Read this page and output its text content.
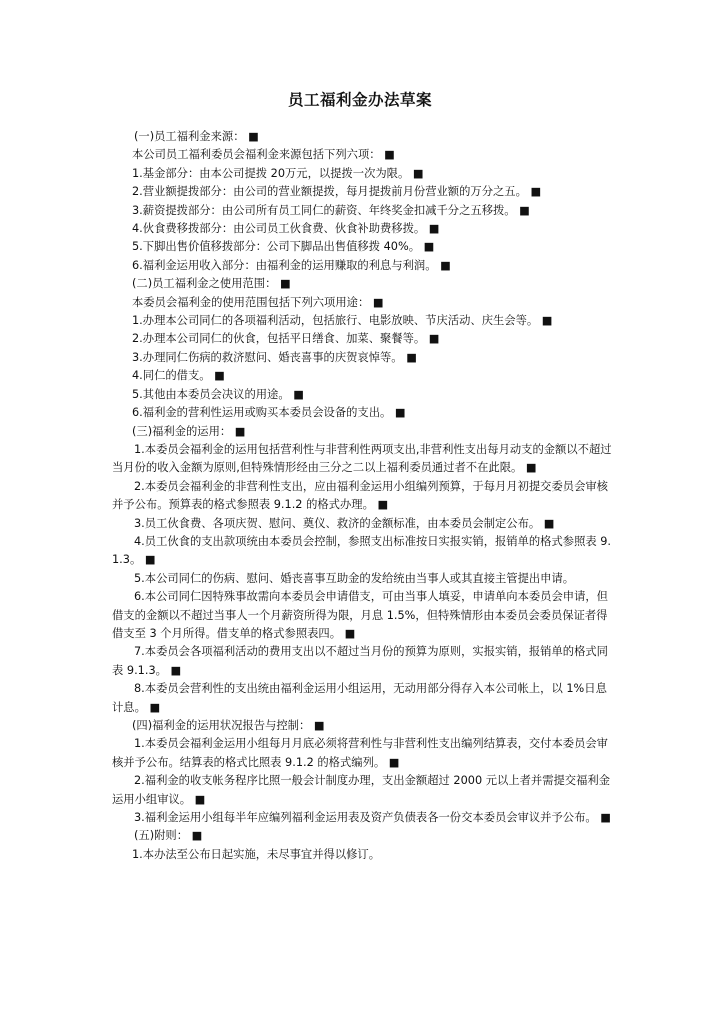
员工福利金办法草案

(一)员工福利金来源： ■

本公司员工福利委员会福利金来源包括下列六项： ■

1.基金部分：由本公司提拨 20万元，以提拨一次为限。 ■

2.营业额提拨部分：由公司的营业额提拨，每月提拨前月份营业额的万分之五。 ■

3.薪资提拨部分：由公司所有员工同仁的薪资、年终奖金扣减千分之五移拨。 ■

4.伙食费移拨部分：由公司员工伙食费、伙食补助费移拨。 ■

5.下脚出售价值移拨部分：公司下脚品出售值移拨 40%。 ■

6.福利金运用收入部分：由福利金的运用赚取的利息与利润。 ■

(二)员工福利金之使用范围： ■

本委员会福利金的使用范围包括下列六项用途： ■

1.办理本公司同仁的各项福利活动，包括旅行、电影放映、节庆活动、庆生会等。 ■

2.办理本公司同仁的伙食，包括平日缮食、加菜、聚餐等。 ■

3.办理同仁伤病的救济慰问、婚丧喜事的庆贺哀悼等。 ■

4.同仁的借支。 ■

5.其他由本委员会决议的用途。 ■

6.福利金的营利性运用或购买本委员会设备的支出。 ■

(三)福利金的运用： ■

1.本委员会福利金的运用包括营利性与非营利性两项支出,非营利性支出每月动支的金额以不超过当月份的收入金额为原则,但特殊情形经由三分之二以上福利委员通过者不在此限。 ■

2.本委员会福利金的非营利性支出，应由福利金运用小组编列预算，于每月月初提交委员会审核并予公布。预算表的格式参照表 9.1.2 的格式办理。 ■

3.员工伙食费、各项庆贺、慰问、奠仪、救济的金额标准，由本委员会制定公布。 ■

4.员工伙食的支出款项统由本委员会控制，参照支出标准按日实报实销，报销单的格式参照表 9.1.3。 ■

5.本公司同仁的伤病、慰问、婚丧喜事互助金的发给统由当事人或其直接主管提出申请。

6.本公司同仁因特殊事故需向本委员会申请借支，可由当事人填妥，申请单向本委员会申请，但借支的金额以不超过当事人一个月薪资所得为限，月息 1.5%，但特殊情形由本委员会委员保证者得借支至 3 个月所得。借支单的格式参照表四。 ■

7.本委员会各项福利活动的费用支出以不超过当月份的预算为原则，实报实销，报销单的格式同表 9.1.3。 ■

8.本委员会营利性的支出统由福利金运用小组运用，无动用部分得存入本公司帐上，以 1%日息计息。 ■

(四)福利金的运用状况报告与控制： ■

1.本委员会福利金运用小组每月月底必须将营利性与非营利性支出编列结算表，交付本委员会审核并予公布。结算表的格式比照表 9.1.2 的格式编列。 ■

2.福利金的收支帐务程序比照一般会计制度办理，支出金额超过 2000 元以上者并需提交福利金运用小组审议。 ■

3.福利金运用小组每半年应编列福利金运用表及资产负债表各一份交本委员会审议并予公布。 ■

(五)附则： ■

1.本办法至公布日起实施，未尽事宜并得以修订。
